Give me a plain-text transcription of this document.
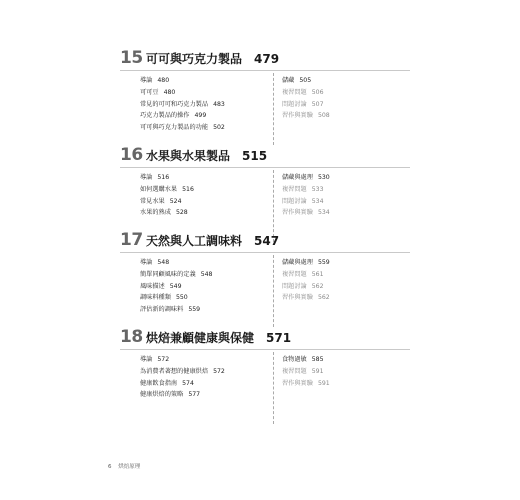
15 可可與巧克力製品 479
導論 480
可可豆 480
常見的可可和巧克力製品 483
巧克力製品的操作 499
可可與巧克力製品的功能 502
儲藏 505
複習問題 506
問題討論 507
習作與實驗 508
16 水果與水果製品 515
導論 516
如何選購水果 516
常見水果 524
水果的熟成 528
儲藏與處理 530
複習問題 533
問題討論 534
習作與實驗 534
17 天然與人工調味料 547
導論 548
簡單同顧風味的定義 548
風味描述 549
調味料種類 550
評估新的調味料 559
儲藏與處理 559
複習問題 561
問題討論 562
習作與實驗 562
18 烘焙兼顧健康與保健 571
導論 572
為消費者著想的健康烘焙 572
健康飲食指南 574
健康烘焙的策略 577
食物過敏 585
複習問題 591
習作與實驗 591
6 烘焙原理
